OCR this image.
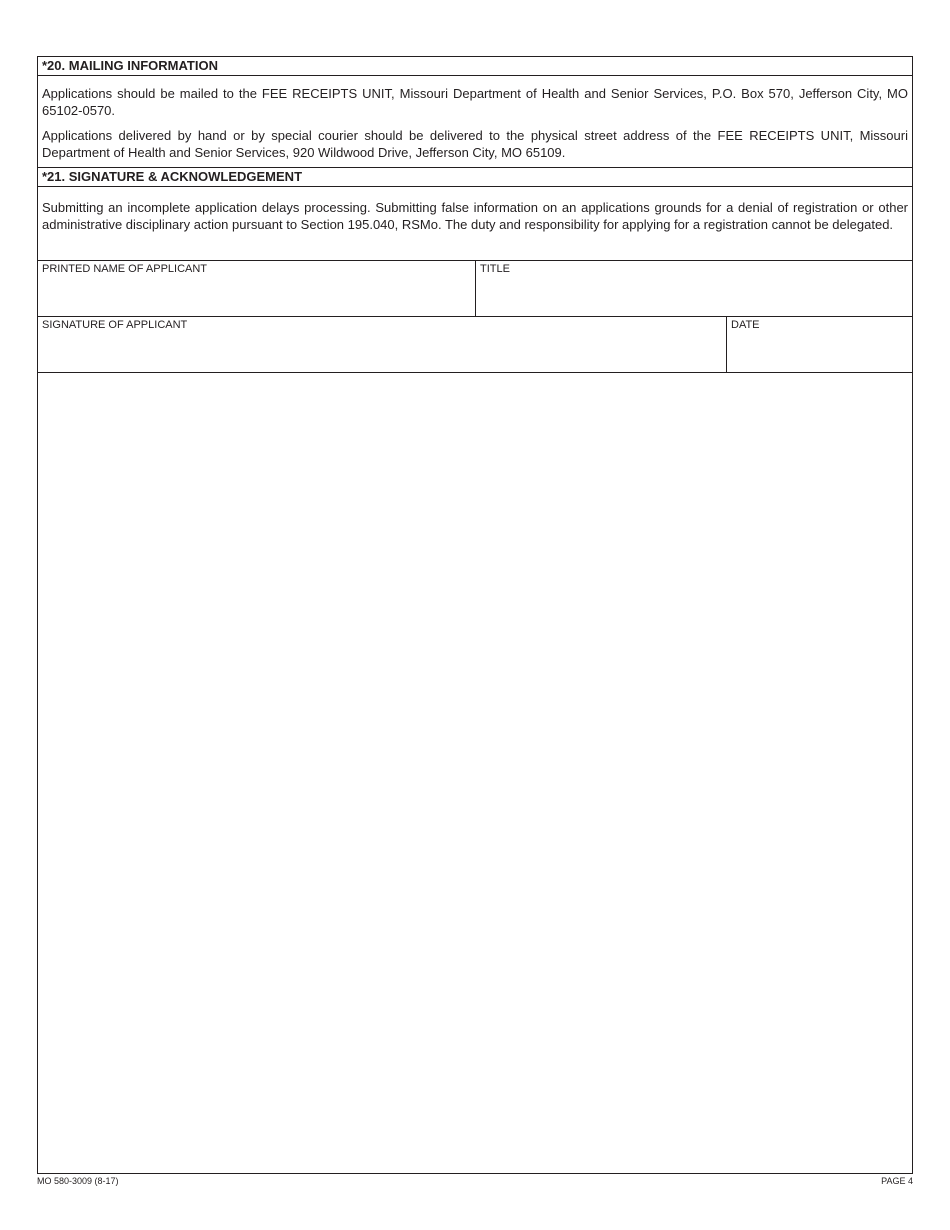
*20. MAILING INFORMATION

Applications should be mailed to the FEE RECEIPTS UNIT, Missouri Department of Health and Senior Services, P.O. Box 570, Jefferson City, MO 65102-0570.

Applications delivered by hand or by special courier should be delivered to the physical street address of the FEE RECEIPTS UNIT, Missouri Department of Health and Senior Services, 920 Wildwood Drive, Jefferson City, MO 65109.

*21. SIGNATURE & ACKNOWLEDGEMENT

Submitting an incomplete application delays processing. Submitting false information on an applications grounds for a denial of registration or other administrative disciplinary action pursuant to Section 195.040, RSMo. The duty and responsibility for applying for a registration cannot be delegated.

PRINTED NAME OF APPLICANT	TITLE
SIGNATURE OF APPLICANT	DATE
MO 580-3009 (8-17)	PAGE 4
